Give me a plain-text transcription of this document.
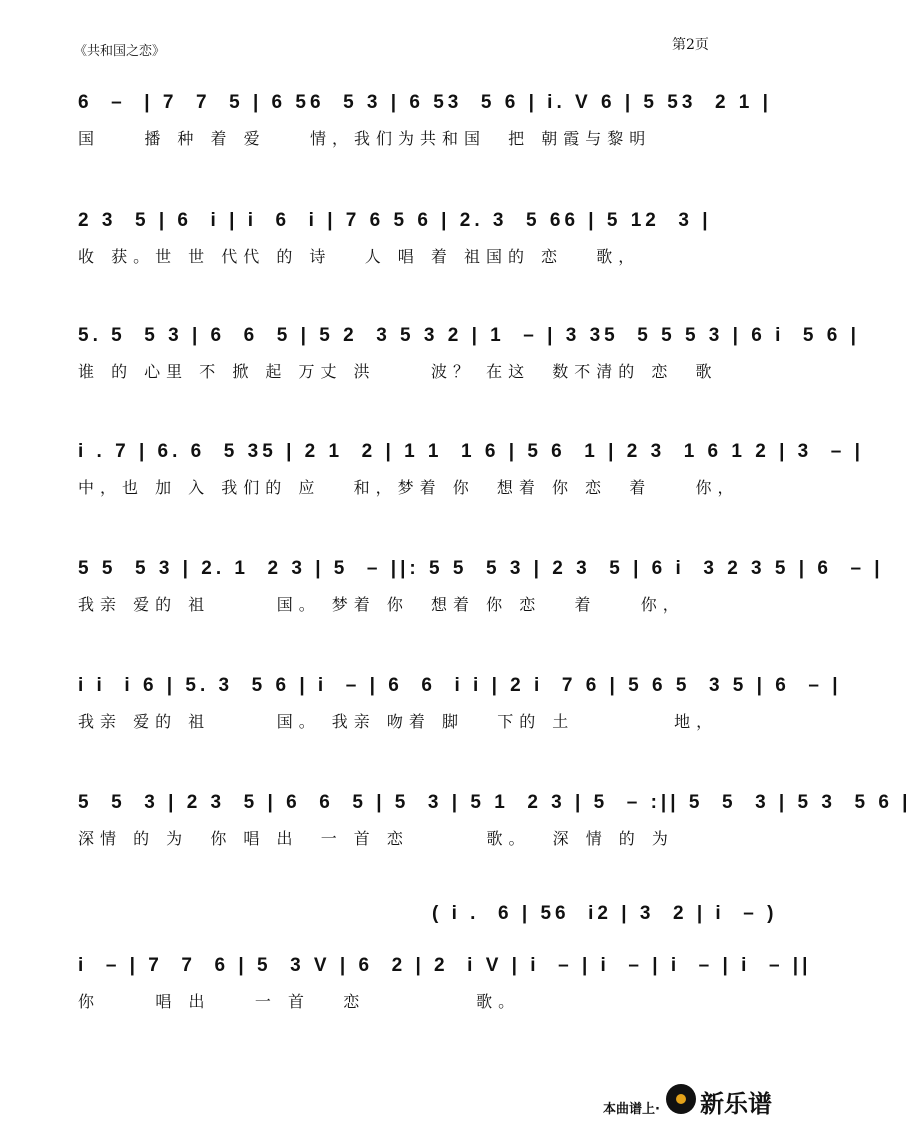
《共和国之恋》	第2页
6  –  | 7  7  5 | 6 56  5 3 | 6 53  5 6 | i. V 6 | 5 53  2 1 |
国    播 种 着 爱    情，我们为共和国  把 朝霞与黎明
2 3  5 | 6  i | i  6  i | 7 6 5 6 | 2. 3  5 66 | 5 12  3 |
收 获。世 世 代代 的 诗   人 唱 着 祖国的 恋   歌，
5. 5  5 3 | 6  6  5 | 5 2  3 5 3 2 | 1  – | 3 35  5 5 5 3 | 6 i  5 6 |
谁 的 心里 不 掀 起 万丈 洪     波？ 在这  数不清的 恋  歌
i . 7 | 6. 6  5 35 | 2 1  2 | 1 1  1 6 | 5 6  1 | 2 3  1 6 1 2 | 3  – |
中，也 加 入 我们的 应   和，梦着 你  想着 你 恋  着    你，
5 5  5 3 | 2. 1  2 3 | 5  – ||: 5 5  5 3 | 2 3  5 | 6 i  3 2 3 5 | 6  – |
我亲 爱的 祖      国。 梦着 你  想着 你 恋   着    你，
i i  i 6 | 5. 3  5 6 | i  – | 6  6  i i | 2 i  7 6 | 5 6 5  3 5 | 6  – |
我亲 爱的 祖      国。 我亲 吻着 脚   下的 土         地，
5  5  3 | 2 3  5 | 6  6  5 | 5  3 | 5 1  2 3 | 5  – :|| 5  5  3 | 5 3  5 6 |
深情 的 为  你 唱 出  一 首 恋       歌。  深 情 的 为
( i .  6 | 56  i2 | 3  2 | i  – )
i  – | 7  7  6 | 5  3 V | 6  2 | 2  i V | i  – | i  – | i  – | i  – ||
你     唱 出    一 首   恋          歌。
本曲谱上· 新乐谱
